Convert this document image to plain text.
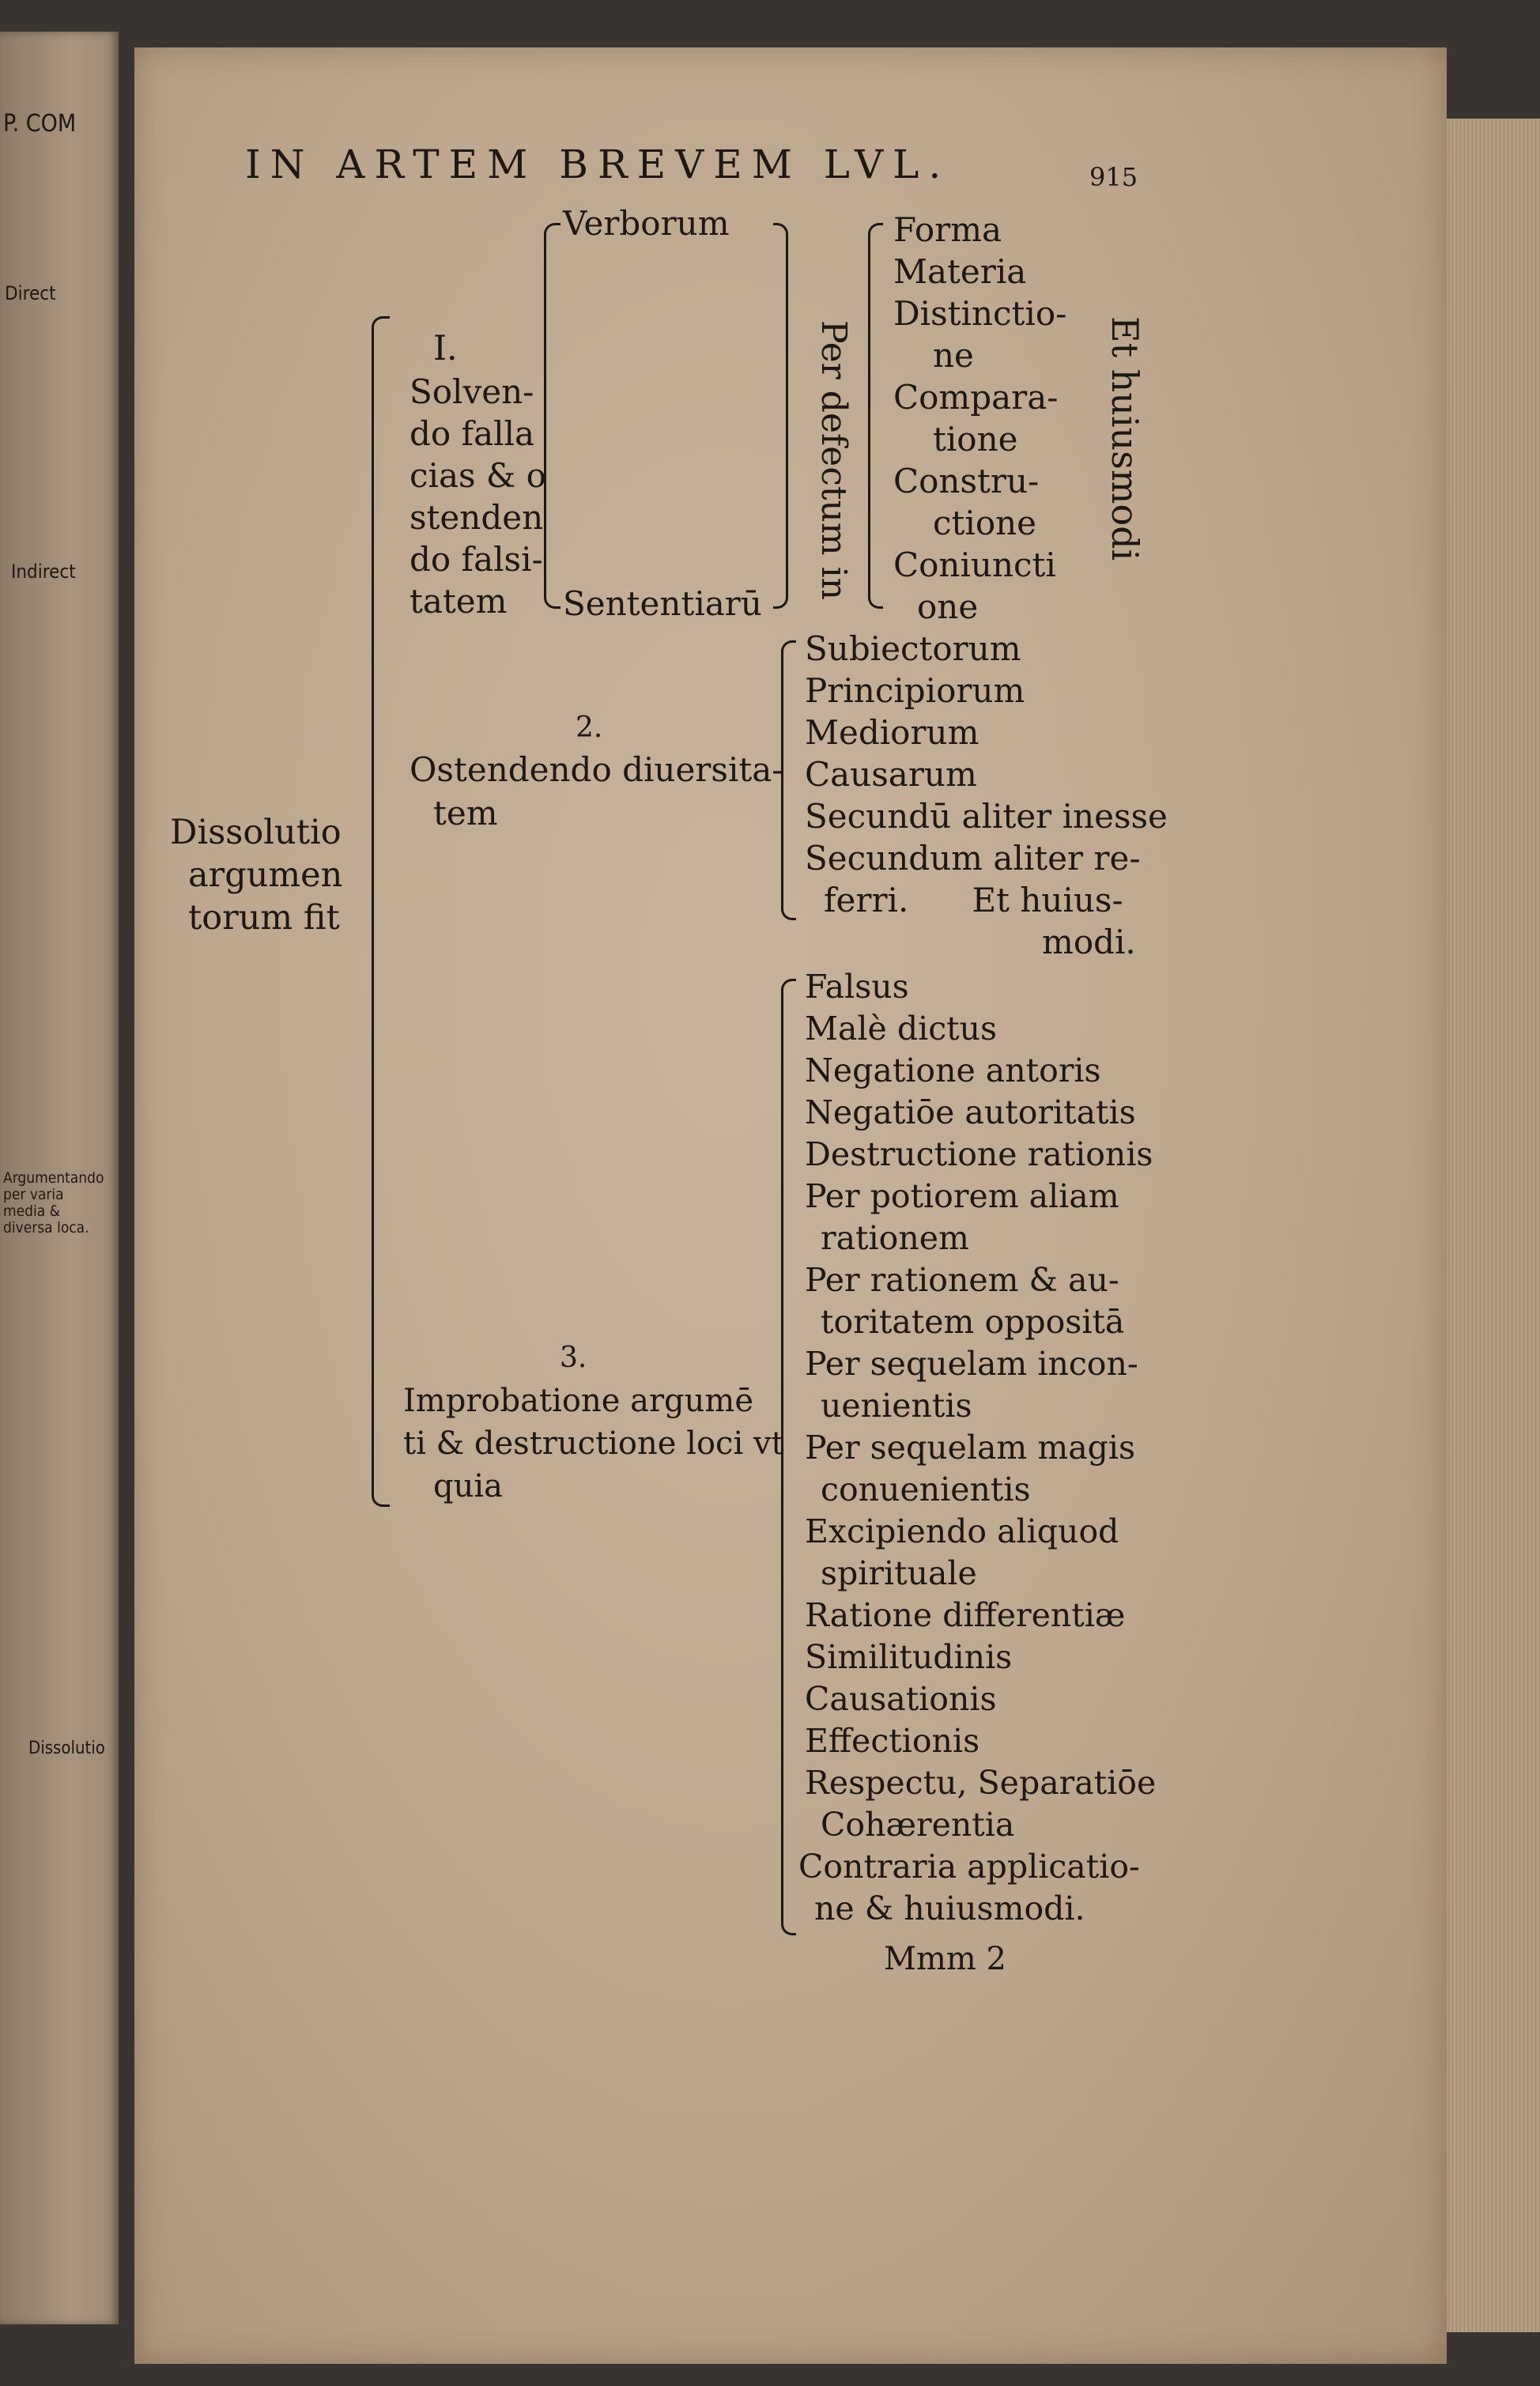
P. COM
Direct
Indirect
Argumentando per varia media & diversa loca.
Dissolutio
IN ARTEM BREVEM LVL.	915
Dissolutio
argumen
torum fit
I.
Solven-
do falla
cias & o
stenden
do falsi-
tatem
Verborum
Sententiarū
Per defectum in
Forma
Materia
Distinctio-
ne
Compara-
tione
Constru-
ctione
Coniuncti
one
Et huiusmodi
2.
Ostendendo diuersita-
tem
Subiectorum
Principiorum
Mediorum
Causarum
Secundū aliter inesse
Secundum aliter re-
ferri.      Et huius-
modi.
3.
Improbatione argumē
ti & destructione loci vt
quia
Falsus
Malè dictus
Negatione antoris
Negatiōe autoritatis
Destructione rationis
Per potiorem aliam
rationem
Per rationem & au-
toritatem oppositā
Per sequelam incon-
uenientis
Per sequelam magis
conuenientis
Excipiendo aliquod
spirituale
Ratione differentiæ
Similitudinis
Causationis
Effectionis
Respectu, Separatiōe
Cohærentia
Contraria applicatio-
ne & huiusmodi.
Mmm 2
